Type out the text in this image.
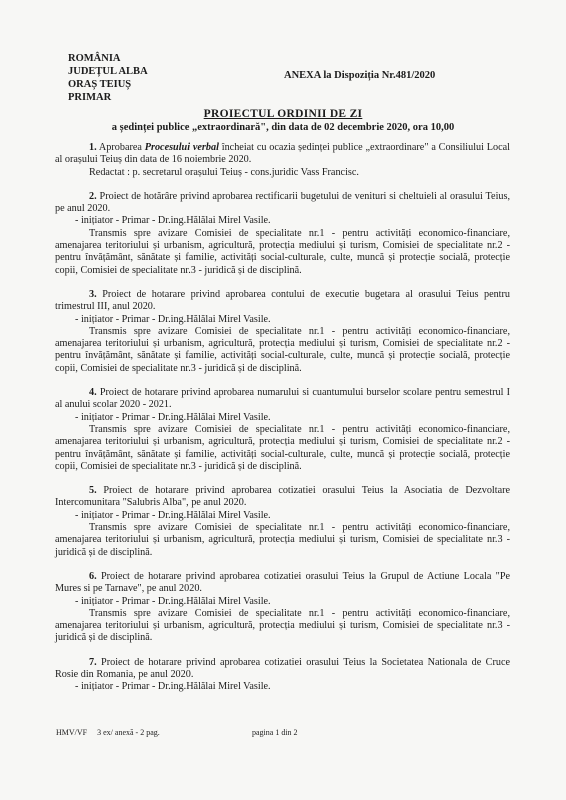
ROMÂNIA
JUDEȚUL ALBA
ORAȘ TEIUȘ
PRIMAR
ANEXA la Dispoziția Nr.481/2020
PROIECTUL ORDINII DE ZI
a ședinței publice „extraordinară", din data de 02 decembrie 2020, ora 10,00

1. Aprobarea Procesului verbal încheiat cu ocazia ședinței publice „extraordinare" a Consiliului Local al orașului Teiuș din data de 16 noiembrie 2020.

Redactat : p. secretarul orașului Teiuș - cons.juridic Vass Francisc.

2. Proiect de hotărâre privind aprobarea rectificarii bugetului de venituri si cheltuieli al orasului Teius, pe anul 2020.

- inițiator - Primar - Dr.ing.Hălălai Mirel Vasile.

Transmis spre avizare Comisiei de specialitate nr.1 - pentru activități economico-financiare, amenajarea teritoriului și urbanism, agricultură, protecția mediului și turism, Comisiei de specialitate nr.2 - pentru învățământ, sănătate și familie, activități social-culturale, culte, muncă și protecție socială, protecție copii, Comisiei de specialitate nr.3 - juridică și de disciplină.

3. Proiect de hotarare privind aprobarea contului de executie bugetara al orasului Teius pentru trimestrul III, anul 2020.

- inițiator - Primar - Dr.ing.Hălălai Mirel Vasile.

Transmis spre avizare Comisiei de specialitate nr.1 - pentru activități economico-financiare, amenajarea teritoriului și urbanism, agricultură, protecția mediului și turism, Comisiei de specialitate nr.2 - pentru învățământ, sănătate și familie, activități social-culturale, culte, muncă și protecție socială, protecție copii, Comisiei de specialitate nr.3 - juridică și de disciplină.

4. Proiect de hotarare privind aprobarea numarului si cuantumului burselor scolare pentru semestrul I al anului scolar 2020 - 2021.

- inițiator - Primar - Dr.ing.Hălălai Mirel Vasile.

Transmis spre avizare Comisiei de specialitate nr.1 - pentru activități economico-financiare, amenajarea teritoriului și urbanism, agricultură, protecția mediului și turism, Comisiei de specialitate nr.2 - pentru învățământ, sănătate și familie, activități social-culturale, culte, muncă și protecție socială, protecție copii, Comisiei de specialitate nr.3 - juridică și de disciplină.

5. Proiect de hotarare privind aprobarea cotizatiei orasului Teius la Asociatia de Dezvoltare Intercomunitara "Salubris Alba", pe anul 2020.

- inițiator - Primar - Dr.ing.Hălălai Mirel Vasile.

Transmis spre avizare Comisiei de specialitate nr.1 - pentru activități economico-financiare, amenajarea teritoriului și urbanism, agricultură, protecția mediului și turism, Comisiei de specialitate nr.3 - juridică și de disciplină.

6. Proiect de hotarare privind aprobarea cotizatiei orasului Teius la Grupul de Actiune Locala "Pe Mures si pe Tarnave", pe anul 2020.

- inițiator - Primar - Dr.ing.Hălălai Mirel Vasile.

Transmis spre avizare Comisiei de specialitate nr.1 - pentru activități economico-financiare, amenajarea teritoriului și urbanism, agricultură, protecția mediului și turism, Comisiei de specialitate nr.3 - juridică și de disciplină.

7. Proiect de hotarare privind aprobarea cotizatiei orasului Teius la Societatea Nationala de Cruce Rosie din Romania, pe anul 2020.

- inițiator - Primar - Dr.ing.Hălălai Mirel Vasile.

HMV/VF     3 ex/ anexă - 2 pag.	pagina 1 din 2
